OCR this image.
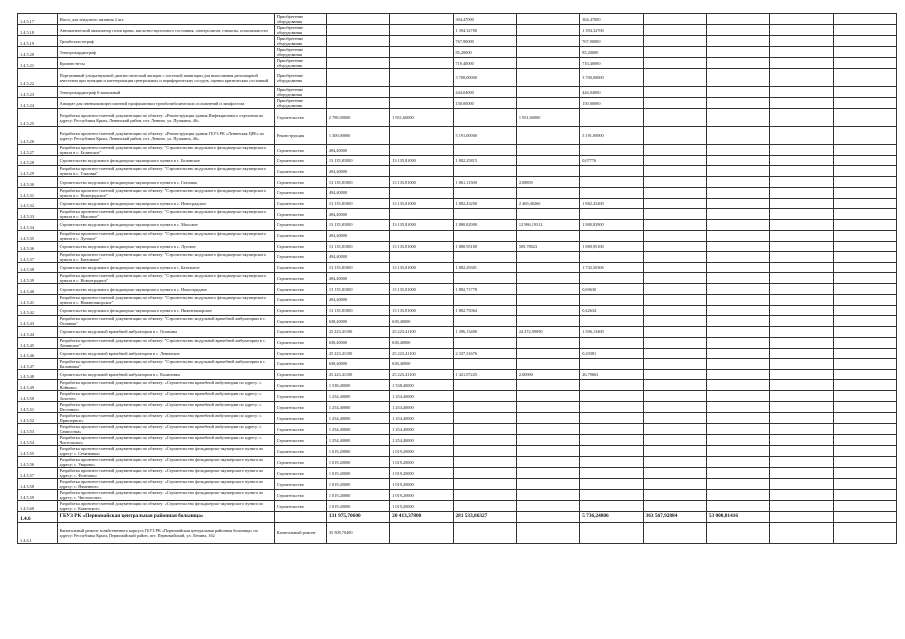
1.4.5.17	Насос для зондового питания 2 шт.	Приобретение оборудования			304,47000		304,47000				
1.4.5.18	Автоматический анализатор газов крови, кислотно-щелочного состояния, электролитов, глюкозы, осмоляльности	Приобретение оборудования			1 394,32700		1 394,32700				
1.4.5.19	Тромбоэластограф	Приобретение оборудования			767,90000		767,90000				
1.4.5.20	Электрокардиограф	Приобретение оборудования			85,20000		85,20000				
1.4.5.21	Кровать-весы	Приобретение оборудования			710,40000		710,40000				
1.4.5.22	Портативный ультразвуковой диагностический аппарат с системой навигации для выполнения регионарной анестезии при пункции и катетеризации центральных и периферических сосудов, оценки критических состояний	Приобретение оборудования			3 700,00000		3 700,00000				
1.4.5.23	Электрокардиограф 6-канальный	Приобретение оборудования			444,04000		444,04000				
1.4.5.24	Аппарат для пневмокомпрессионной профилактики тромбоэмболических осложнений и лимфостаза	Приобретение оборудования			150,00000		150,00000				
1.4.5.25	Разработка проектно-сметной документации по объекту: «Реконструкция здания Инфекционного отделения по адресу: Республика Крым, Ленинский район, пгт. Ленино, ул. Пушкина, 46»	Строительство	2 788,00000	1 951,60000		1 951,60000					
1.4.5.26	Разработка проектно-сметной документации по объекту: «Реконструкция здания ГБУЗ РК «Ленинская ЦРБ» по адресу: Республика Крым, Ленинский район, пгт. Ленино, ул. Пушкина, 46»	Реконструкция	1 300,00000		5 191,00000		5 191,00000				
1.4.5.27	Разработка проектно-сметной документации по объекту: "Строительство модульного фельдшерско-акушерского пункта в с. Белинское"	Строительство	494,40000								
1.4.5.28	Строительство модульного фельдшерско-акушерского пункта в с. Белинское	Строительство	13 135,81000	13 135,81000	1 882,25815		0,07776				
1.4.5.29	Разработка проектно-сметной документации по объекту: "Строительство модульного фельдшерско-акушерского пункта в с. Глазовка"	Строительство	494,40000								
1.4.5.30	Строительство модульного фельдшерско-акушерского пункта в с. Глазовка	Строительство	13 135,81000	13 135,81000	1 861,11500	2,08859					
1.4.5.31	Разработка проектно-сметной документации по объекту: "Строительство модульного фельдшерско-акушерского пункта в с. Новоградское"	Строительство	494,40000								
1.4.5.32	Строительство модульного фельдшерско-акушерского пункта в с. Новоградское	Строительство	13 135,81000	13 135,81000	1 882,43200	2 469,40266	1 882,43200				
1.4.5.33	Разработка проектно-сметной документации по объекту: "Строительство модульного фельдшерско-акушерского пункта в с. Мысовое"	Строительство	494,40000								
1.4.5.34	Строительство модульного фельдшерско-акушерского пункта в с. Мысовое	Строительство	13 135,81000	13 135,81000	1 880,82900	12 986,19312	1 880,82900				
1.4.5.35	Разработка проектно-сметной документации по объекту: "Строительство модульного фельдшерско-акушерского пункта в с. Луговое"	Строительство	494,40000								
1.4.5.36	Строительство модульного фельдшерско-акушерского пункта в с. Луговое	Строительство	13 135,81000	13 135,81000	1 880,95100	509,78823	1 880,95100				
1.4.5.37	Разработка проектно-сметной документации по объекту: "Строительство модульного фельдшерско-акушерского пункта в с. Батальное"	Строительство	494,40000								
1.4.5.38	Строительство модульного фельдшерско-акушерского пункта в с. Батальное	Строительство	13 135,81000	13 135,81000	1 882,29301		1 732,50306				
1.4.5.39	Разработка проектно-сметной документации по объекту: "Строительство модульного фельдшерско-акушерского пункта в с. Новоотрадное"	Строительство	494,40000								
1.4.5.40	Строительство модульного фельдшерско-акушерского пункта в с. Новоотрадное	Строительство	13 135,81000	13 135,81000	1 882,71778		0,69630				
1.4.5.41	Разработка проектно-сметной документации по объекту: "Строительство модульного фельдшерско-акушерского пункта в с. Нижнезаморское"	Строительство	494,40000								
1.4.5.42	Строительство модульного фельдшерско-акушерского пункта в с. Нижнезаморское	Строительство	13 135,81000	13 135,81000	1 882,75064		0,42634				
1.4.5.43	Разработка проектно-сметной документации по объекту: "Строительство модульной врачебной амбулатории в с. Осовины"	Строительство	638,40000	638,40000							
1.4.5.44	Строительство модульной врачебной амбулатории в с. Осовины	Строительство	25 223,41100	25 223,41100	1 396,13400	24 272,09090	1 396,13400				
1.4.5.45	Разработка проектно-сметной документации по объекту: "Строительство модульной врачебной амбулатории в с. Ленинское"	Строительство	638,40000	638,40000							
1.4.5.46	Строительство модульной врачебной амбулатории в с. Ленинское	Строительство	25 223,41100	25 223,41100	2 337,31676		0,20381				
1.4.5.47	Разработка проектно-сметной документации по объекту: "Строительство модульной врачебной амбулатории в с. Калиновка"	Строительство	638,40000	638,40000							
1.4.5.48	Строительство модульной врачебной амбулатории в с. Калиновка	Строительство	25 223,41100	25 223,41100	1 421,07225	2,00000	26,79663				
1.4.5.49	Разработка проектно-сметной документации по объекту: «Строительство врачебной амбулатории по адресу: с. Войково»	Строительство	1 538,40000	1 538,40000							
1.4.5.50	Разработка проектно-сметной документации по объекту: «Строительство врачебной амбулатории по адресу: с. Золотое»	Строительство	1 254,40000	1 254,40000							
1.4.5.51	Разработка проектно-сметной документации по объекту: «Строительство врачебной амбулатории по адресу: с. Песочное»	Строительство	1 254,40000	1 254,40000							
1.4.5.52	Разработка проектно-сметной документации по объекту: «Строительство врачебной амбулатории по адресу: с. Приозерное»	Строительство	1 254,40000	1 254,40000							
1.4.5.53	Разработка проектно-сметной документации по объекту: «Строительство врачебной амбулатории по адресу: с. Семисотка»	Строительство	1 254,40000	1 254,40000							
1.4.5.54	Разработка проектно-сметной документации по объекту: «Строительство врачебной амбулатории по адресу: с. Чистополье»	Строительство	1 254,40000	1 254,40000							
1.4.5.55	Разработка проектно-сметной документации по объекту: «Строительство фельдшерско-акушерского пункта по адресу: с. Семеновка»	Строительство	1 019,20000	1 019,20000							
1.4.5.56	Разработка проектно-сметной документации по объекту: «Строительство фельдшерско-акушерского пункта по адресу: с. Уварово»	Строительство	1 019,20000	1 019,20000							
1.4.5.57	Разработка проектно-сметной документации по объекту: «Строительство фельдшерско-акушерского пункта по адресу: с. Фонтаны»	Строительство	1 019,20000	1 019,20000							
1.4.5.58	Разработка проектно-сметной документации по объекту: «Строительство фельдшерско-акушерского пункта по адресу: с. Ячменное»	Строительство	1 019,20000	1 019,20000							
1.4.5.59	Разработка проектно-сметной документации по объекту: «Строительство фельдшерско-акушерского пункта по адресу: с. Чистополье»	Строительство	1 019,20000	1 019,20000							
1.4.5.60	Разработка проектно-сметной документации по объекту: «Строительство фельдшерско-акушерского пункта по адресу: с. Каменское»	Строительство	1 019,20000	1 019,20000							
1.4.6	ГБУЗ РК «Первомайская центральная районная больница»		131 975,70600	20 413,37800	281 533,86327		5 736,24806	363 567,92884	53 000,81416		
1.4.6.1	Капитальный ремонт хозяйственного корпуса ГБУЗ РК «Первомайская центральная районная больница» по адресу: Республика Крым, Первомайский район, пгт. Первомайский, ул. Ленина, 162	Капитальный ремонт	35 508,70400								
